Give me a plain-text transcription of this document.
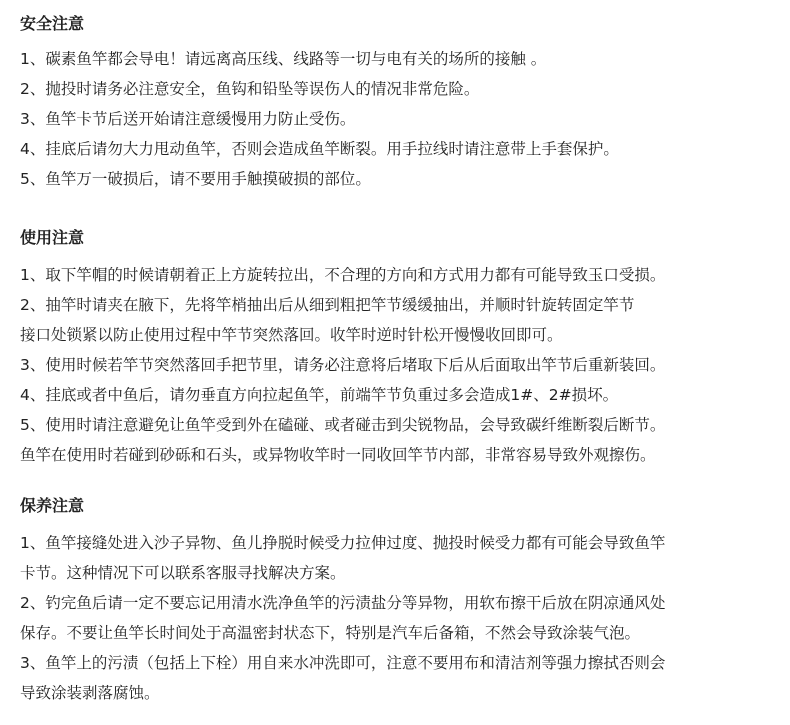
安全注意
1、碳素鱼竿都会导电！请远离高压线、线路等一切与电有关的场所的接触 。
2、抛投时请务必注意安全，鱼钩和铅坠等误伤人的情况非常危险。
3、鱼竿卡节后送开始请注意缓慢用力防止受伤。
4、挂底后请勿大力甩动鱼竿，否则会造成鱼竿断裂。用手拉线时请注意带上手套保护。
5、鱼竿万一破损后，请不要用手触摸破损的部位。
使用注意
1、取下竿帽的时候请朝着正上方旋转拉出，不合理的方向和方式用力都有可能导致玉口受损。
2、抽竿时请夹在腋下，先将竿梢抽出后从细到粗把竿节缓缓抽出，并顺时针旋转固定竿节
接口处锁紧以防止使用过程中竿节突然落回。收竿时逆时针松开慢慢收回即可。
3、使用时候若竿节突然落回手把节里，请务必注意将后堵取下后从后面取出竿节后重新装回。
4、挂底或者中鱼后，请勿垂直方向拉起鱼竿，前端竿节负重过多会造成1#、2#损坏。
5、使用时请注意避免让鱼竿受到外在磕碰、或者碰击到尖锐物品，会导致碳纤维断裂后断节。
鱼竿在使用时若碰到砂砾和石头，或异物收竿时一同收回竿节内部，非常容易导致外观擦伤。
保养注意
1、鱼竿接缝处进入沙子异物、鱼儿挣脱时候受力拉伸过度、抛投时候受力都有可能会导致鱼竿
卡节。这种情况下可以联系客服寻找解决方案。
2、钓完鱼后请一定不要忘记用清水洗净鱼竿的污渍盐分等异物，用软布擦干后放在阴凉通风处
保存。不要让鱼竿长时间处于高温密封状态下，特别是汽车后备箱，不然会导致涂装气泡。
3、鱼竿上的污渍（包括上下栓）用自来水冲洗即可，注意不要用布和清洁剂等强力擦拭否则会
导致涂装剥落腐蚀。
